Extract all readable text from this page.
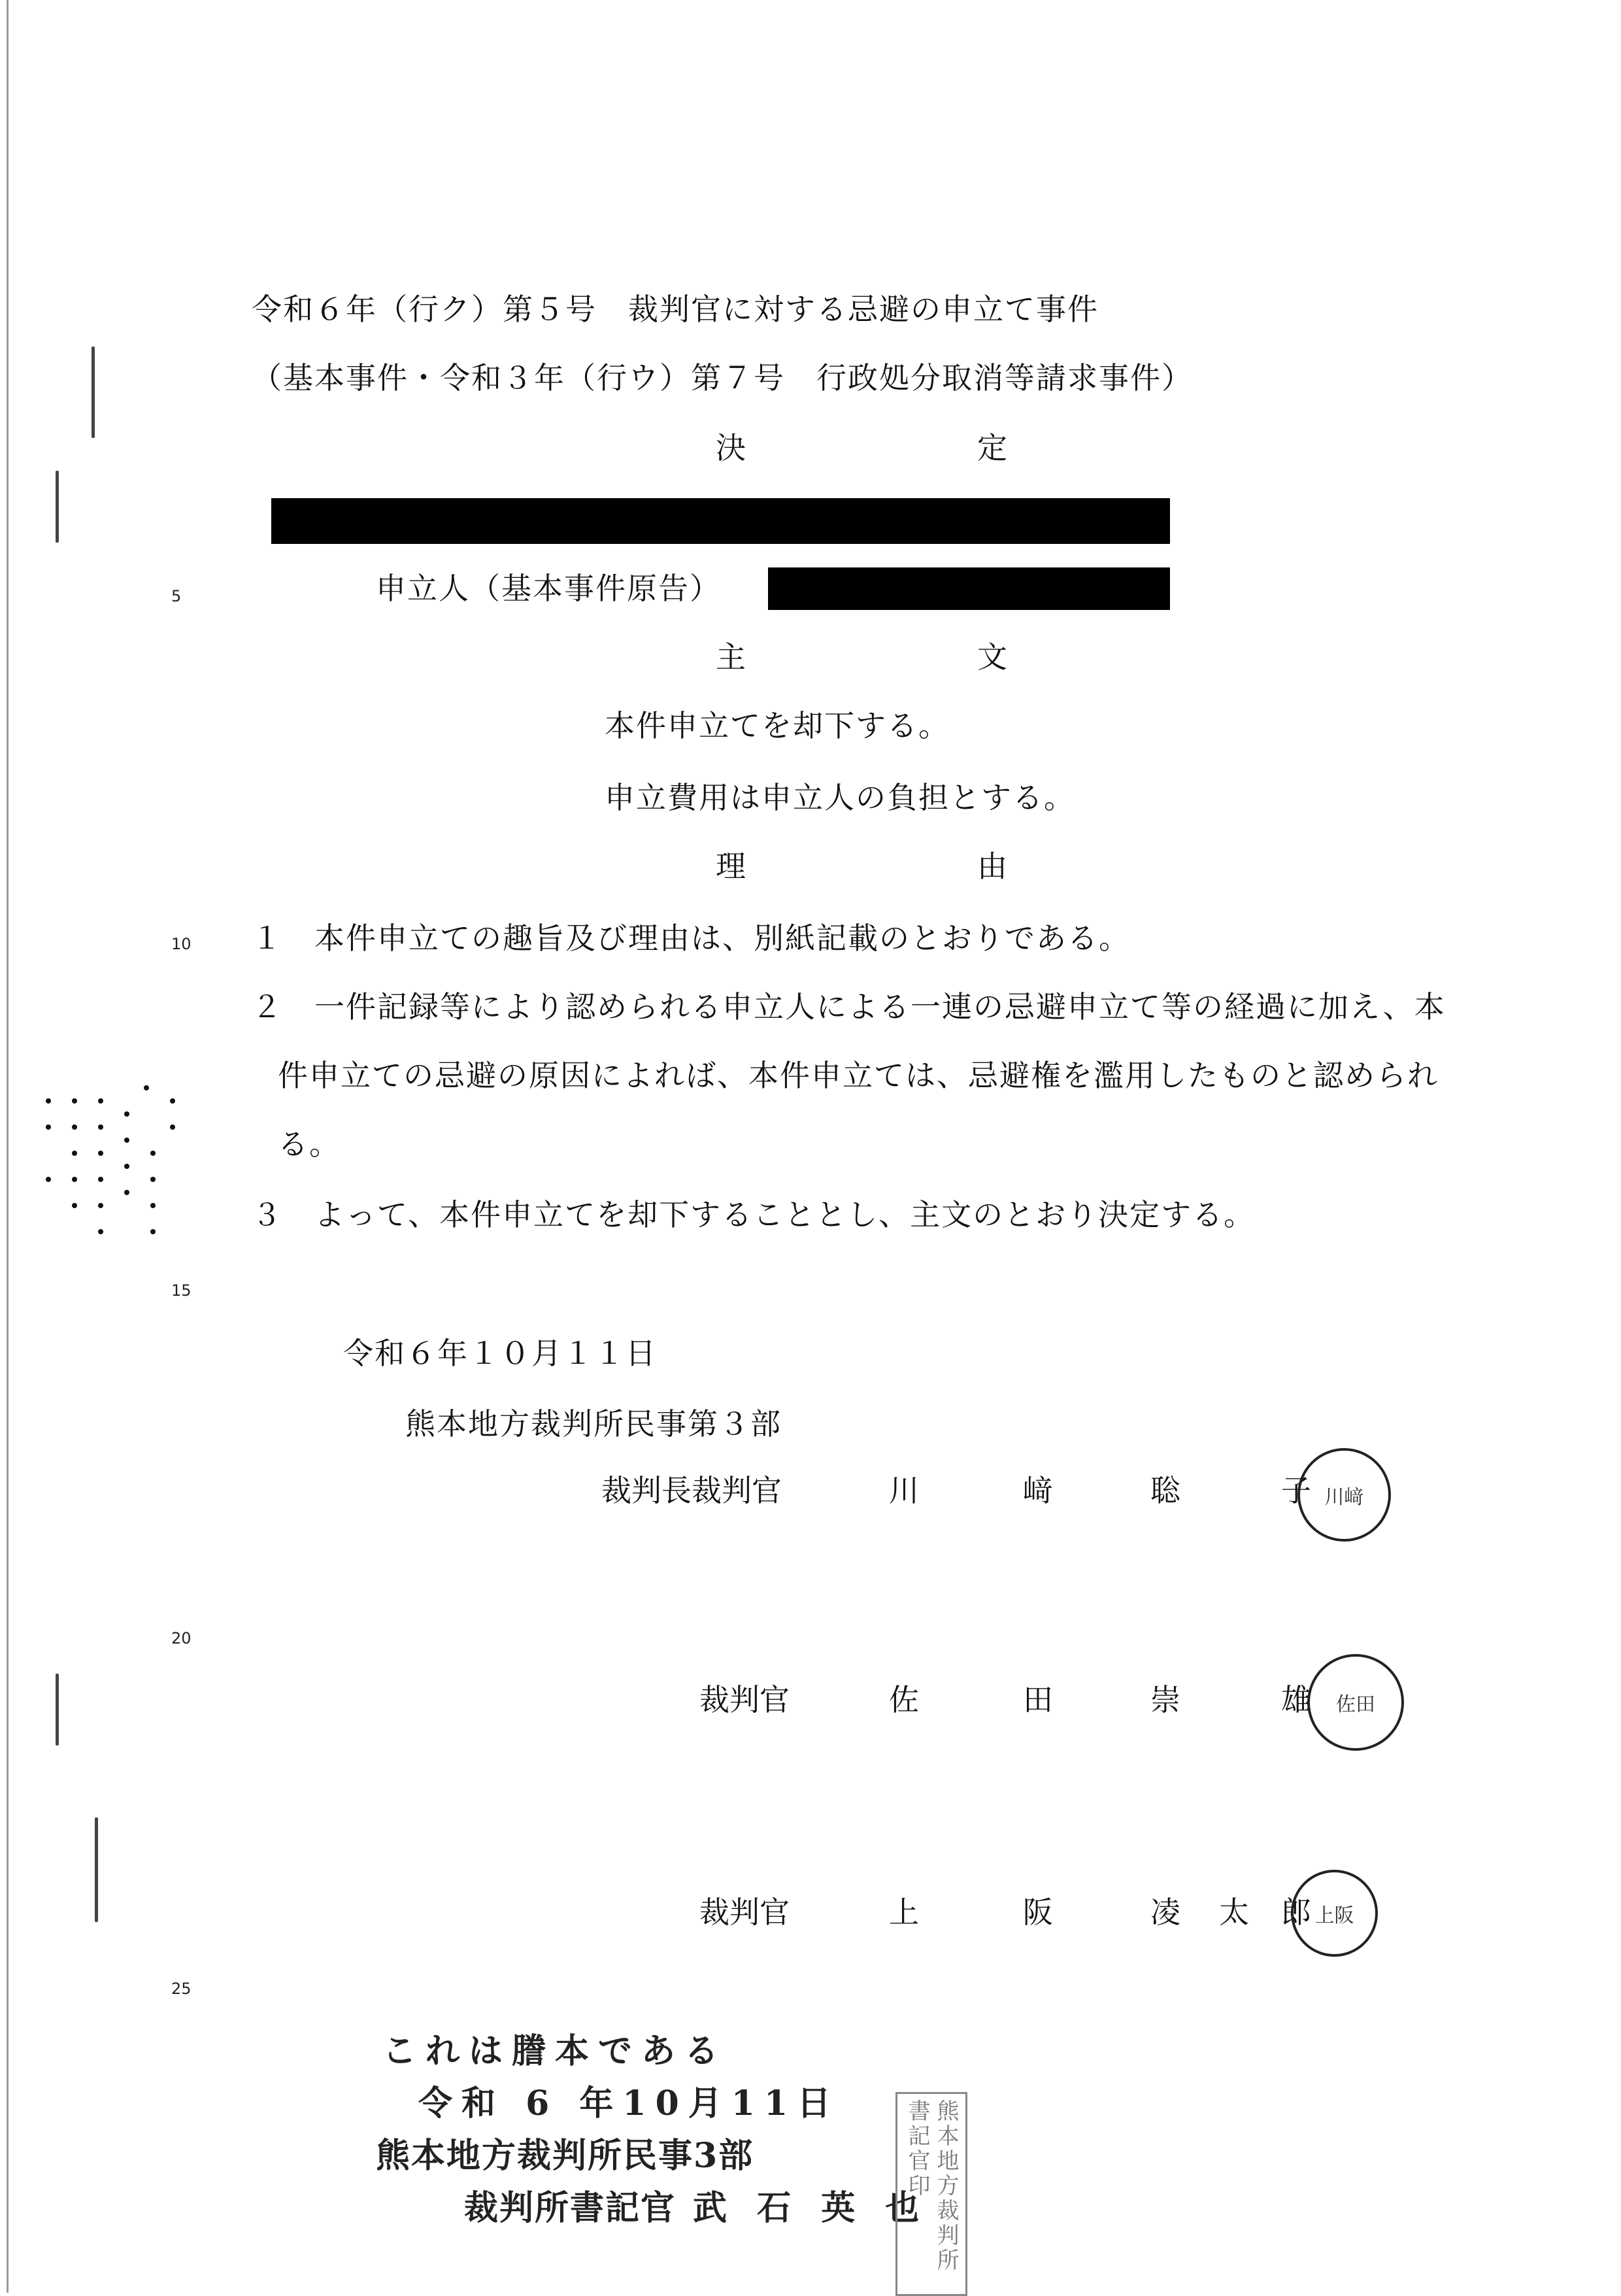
5
10
15
20
25
令和６年（行ク）第５号　裁判官に対する忌避の申立て事件
（基本事件・令和３年（行ウ）第７号　行政処分取消等請求事件）
決	定
申立人（基本事件原告）
主	文
本件申立てを却下する。
申立費用は申立人の負担とする。
理	由
１　本件申立ての趣旨及び理由は、別紙記載のとおりである。
２　一件記録等により認められる申立人による一連の忌避申立て等の経過に加え、本
件申立ての忌避の原因によれば、本件申立ては、忌避権を濫用したものと認められ
る。
３　よって、本件申立てを却下することとし、主文のとおり決定する。
令和６年１０月１１日
熊本地方裁判所民事第３部
裁判長裁判官	川	﨑	聡	子 川﨑
裁判官	佐	田	崇	雄 佐田
裁判官	上	阪	凌 太 郎 上阪
これは謄本である
令和 6 年10月11日
熊本地方裁判所民事3部
裁判所書記官 武 石 英 也 熊本地方裁判所書記官印
